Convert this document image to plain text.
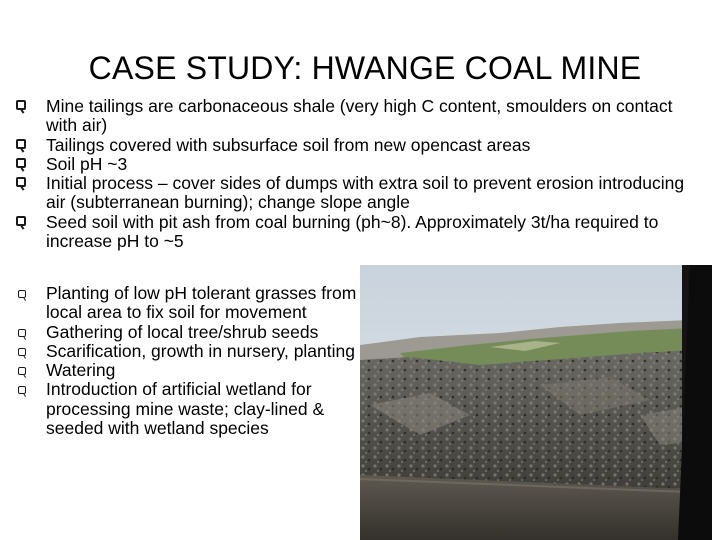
CASE STUDY: HWANGE COAL MINE
Mine tailings are carbonaceous shale (very high C content, smoulders on contact with air)
Tailings covered with subsurface soil from new opencast areas
Soil pH ~3
Initial process – cover sides of dumps with extra soil to prevent erosion introducing air (subterranean burning); change slope angle
Seed soil with pit ash from coal burning (ph~8). Approximately 3t/ha required to increase pH to ~5
Planting of low pH tolerant grasses from local area to fix soil for movement
Gathering of local tree/shrub seeds
Scarification, growth in nursery, planting
Watering
Introduction of artificial wetland for processing mine waste; clay-lined & seeded with wetland species
